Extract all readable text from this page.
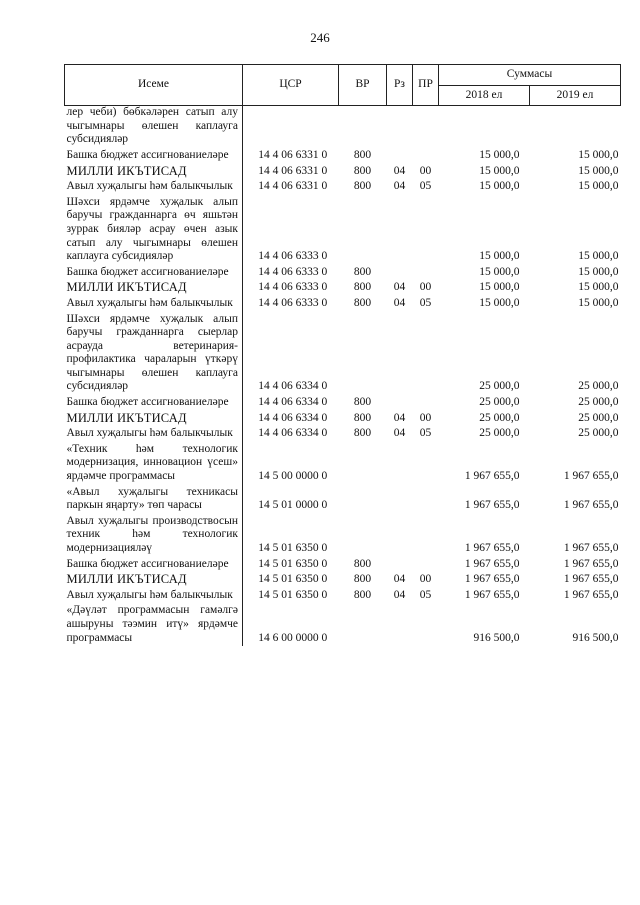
246
Исеме	ЦСР	ВР	Рз	ПР	Суммасы	
					2018 ел	2019 ел
лер чеби) бөбкәләрен сатып алу чыгымнары өлешен каплауга субсидияләр						
Башка бюджет ассигнованиеләре	14 4 06 6331 0	800			15 000,0	15 000,0
МИЛЛИ ИКЪТИСАД	14 4 06 6331 0	800	04	00	15 000,0	15 000,0
Авыл хуҗалыгы һәм балыкчылык	14 4 06 6331 0	800	04	05	15 000,0	15 000,0
Шәхси ярдәмче хуҗалык алып баручы гражданнарга өч яшьтән зуррак бияләр асрау өчен азык сатып алу чыгымнары өлешен каплауга субсидияләр	14 4 06 6333 0				15 000,0	15 000,0
Башка бюджет ассигнованиеләре	14 4 06 6333 0	800			15 000,0	15 000,0
МИЛЛИ ИКЪТИСАД	14 4 06 6333 0	800	04	00	15 000,0	15 000,0
Авыл хуҗалыгы һәм балыкчылык	14 4 06 6333 0	800	04	05	15 000,0	15 000,0
Шәхси ярдәмче хуҗалык алып баручы гражданнарга сыерлар асрауда ветеринария-профилактика чараларын үткәрү чыгымнары өлешен каплауга субсидияләр	14 4 06 6334 0				25 000,0	25 000,0
Башка бюджет ассигнованиеләре	14 4 06 6334 0	800			25 000,0	25 000,0
МИЛЛИ ИКЪТИСАД	14 4 06 6334 0	800	04	00	25 000,0	25 000,0
Авыл хуҗалыгы һәм балыкчылык	14 4 06 6334 0	800	04	05	25 000,0	25 000,0
«Техник һәм технологик модернизация, инновацион үсеш» ярдәмче программасы	14 5 00 0000 0				1 967 655,0	1 967 655,0
«Авыл хуҗалыгы техникасы паркын яңарту» төп чарасы	14 5 01 0000 0				1 967 655,0	1 967 655,0
Авыл хуҗалыгы производствосын техник һәм технологик модернизацияләү	14 5 01 6350 0				1 967 655,0	1 967 655,0
Башка бюджет ассигнованиеләре	14 5 01 6350 0	800			1 967 655,0	1 967 655,0
МИЛЛИ ИКЪТИСАД	14 5 01 6350 0	800	04	00	1 967 655,0	1 967 655,0
Авыл хуҗалыгы һәм балыкчылык	14 5 01 6350 0	800	04	05	1 967 655,0	1 967 655,0
«Дәүләт программасын гамәлгә ашыруны тәэмин итү» ярдәмче программасы	14 6 00 0000 0				916 500,0	916 500,0
